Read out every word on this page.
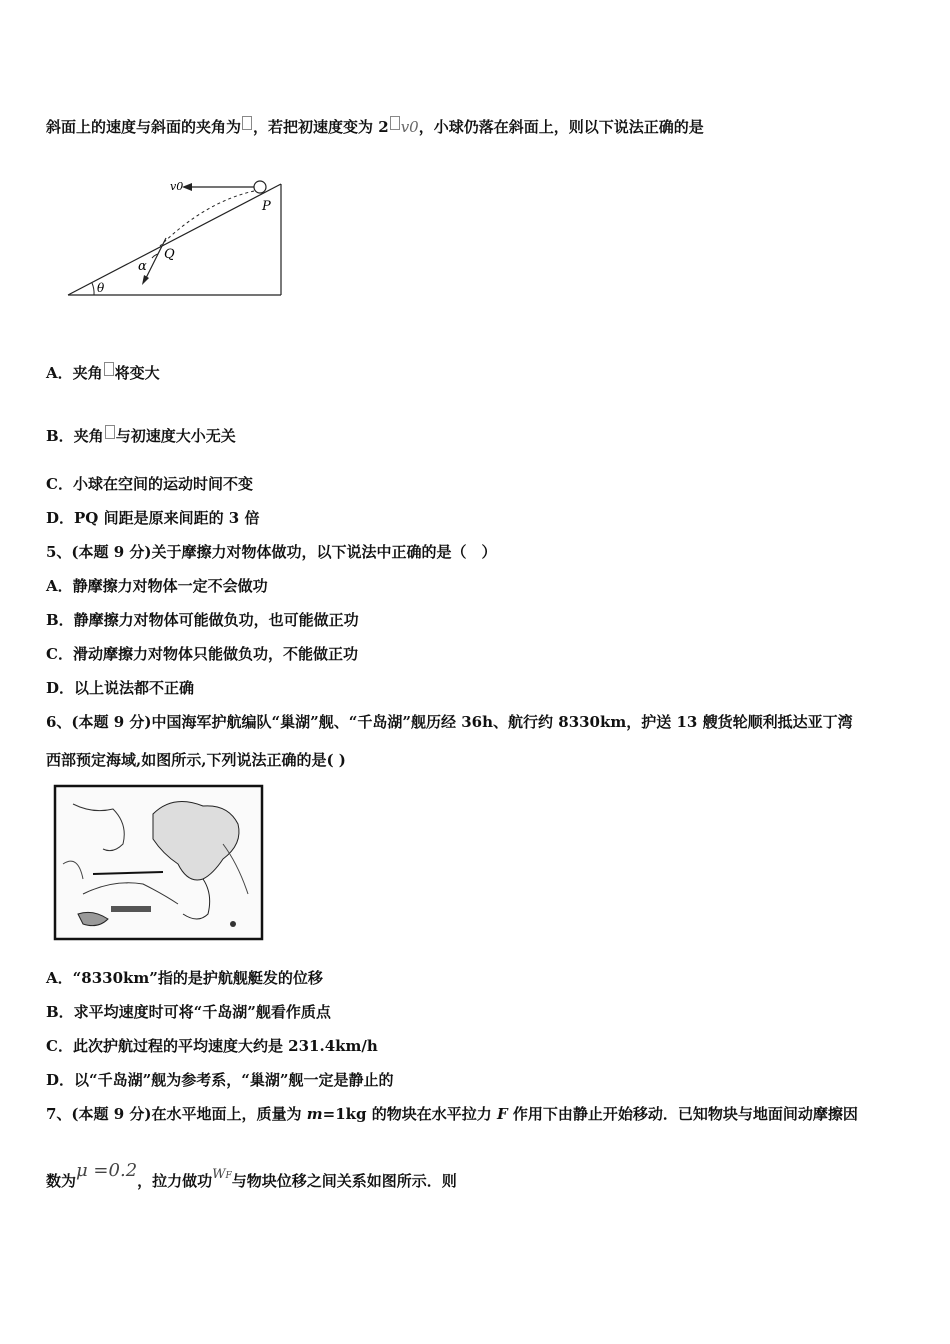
斜面上的速度与斜面的夹角为 ，若把初速度变为 2 v0，小球仍落在斜面上，则以下说法正确的是
v0
P
Q
α
θ
A．夹角 将变大
B．夹角 与初速度大小无关
C．小球在空间的运动时间不变
D．PQ 间距是原来间距的 3 倍
5、(本题 9 分)关于摩擦力对物体做功，以下说法中正确的是（　）
A．静摩擦力对物体一定不会做功
B．静摩擦力对物体可能做负功，也可能做正功
C．滑动摩擦力对物体只能做负功，不能做正功
D．以上说法都不正确
6、(本题 9 分)中国海军护航编队“巢湖”舰、“千岛湖”舰历经 36h、航行约 8330km，护送 13 艘货轮顺利抵达亚丁湾
西部预定海域,如图所示,下列说法正确的是( )
A．“8330km”指的是护航舰艇发的位移
B．求平均速度时可将“千岛湖”舰看作质点
C．此次护航过程的平均速度大约是 231.4km/h
D．以“千岛湖”舰为参考系，“巢湖”舰一定是静止的
7、(本题 9 分)在水平地面上，质量为 m=1kg 的物块在水平拉力 F 作用下由静止开始移动．已知物块与地面间动摩擦因
数为μ =0.2，拉力做功WF与物块位移之间关系如图所示．则
